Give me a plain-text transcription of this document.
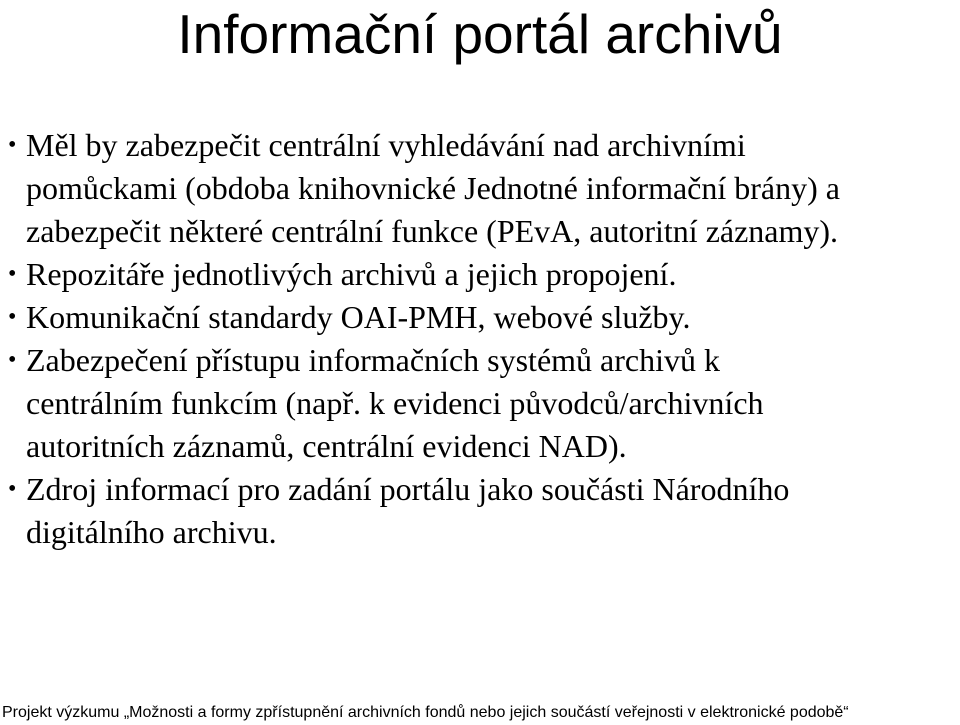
Informační portál archivů
• Měl by zabezpečit centrální vyhledávání nad archivními
pomůckami (obdoba knihovnické Jednotné informační brány) a
zabezpečit některé centrální funkce (PEvA, autoritní záznamy).
• Repozitáře jednotlivých archivů a jejich propojení.
• Komunikační standardy OAI-PMH, webové služby.
• Zabezpečení přístupu informačních systémů archivů k
centrálním funkcím (např. k evidenci původců/archivních
autoritních záznamů, centrální evidenci NAD).
• Zdroj informací pro zadání portálu jako součásti Národního
digitálního archivu.
Projekt výzkumu „Možnosti a formy zpřístupnění archivních fondů nebo jejich součástí veřejnosti v elektronické podobě“
